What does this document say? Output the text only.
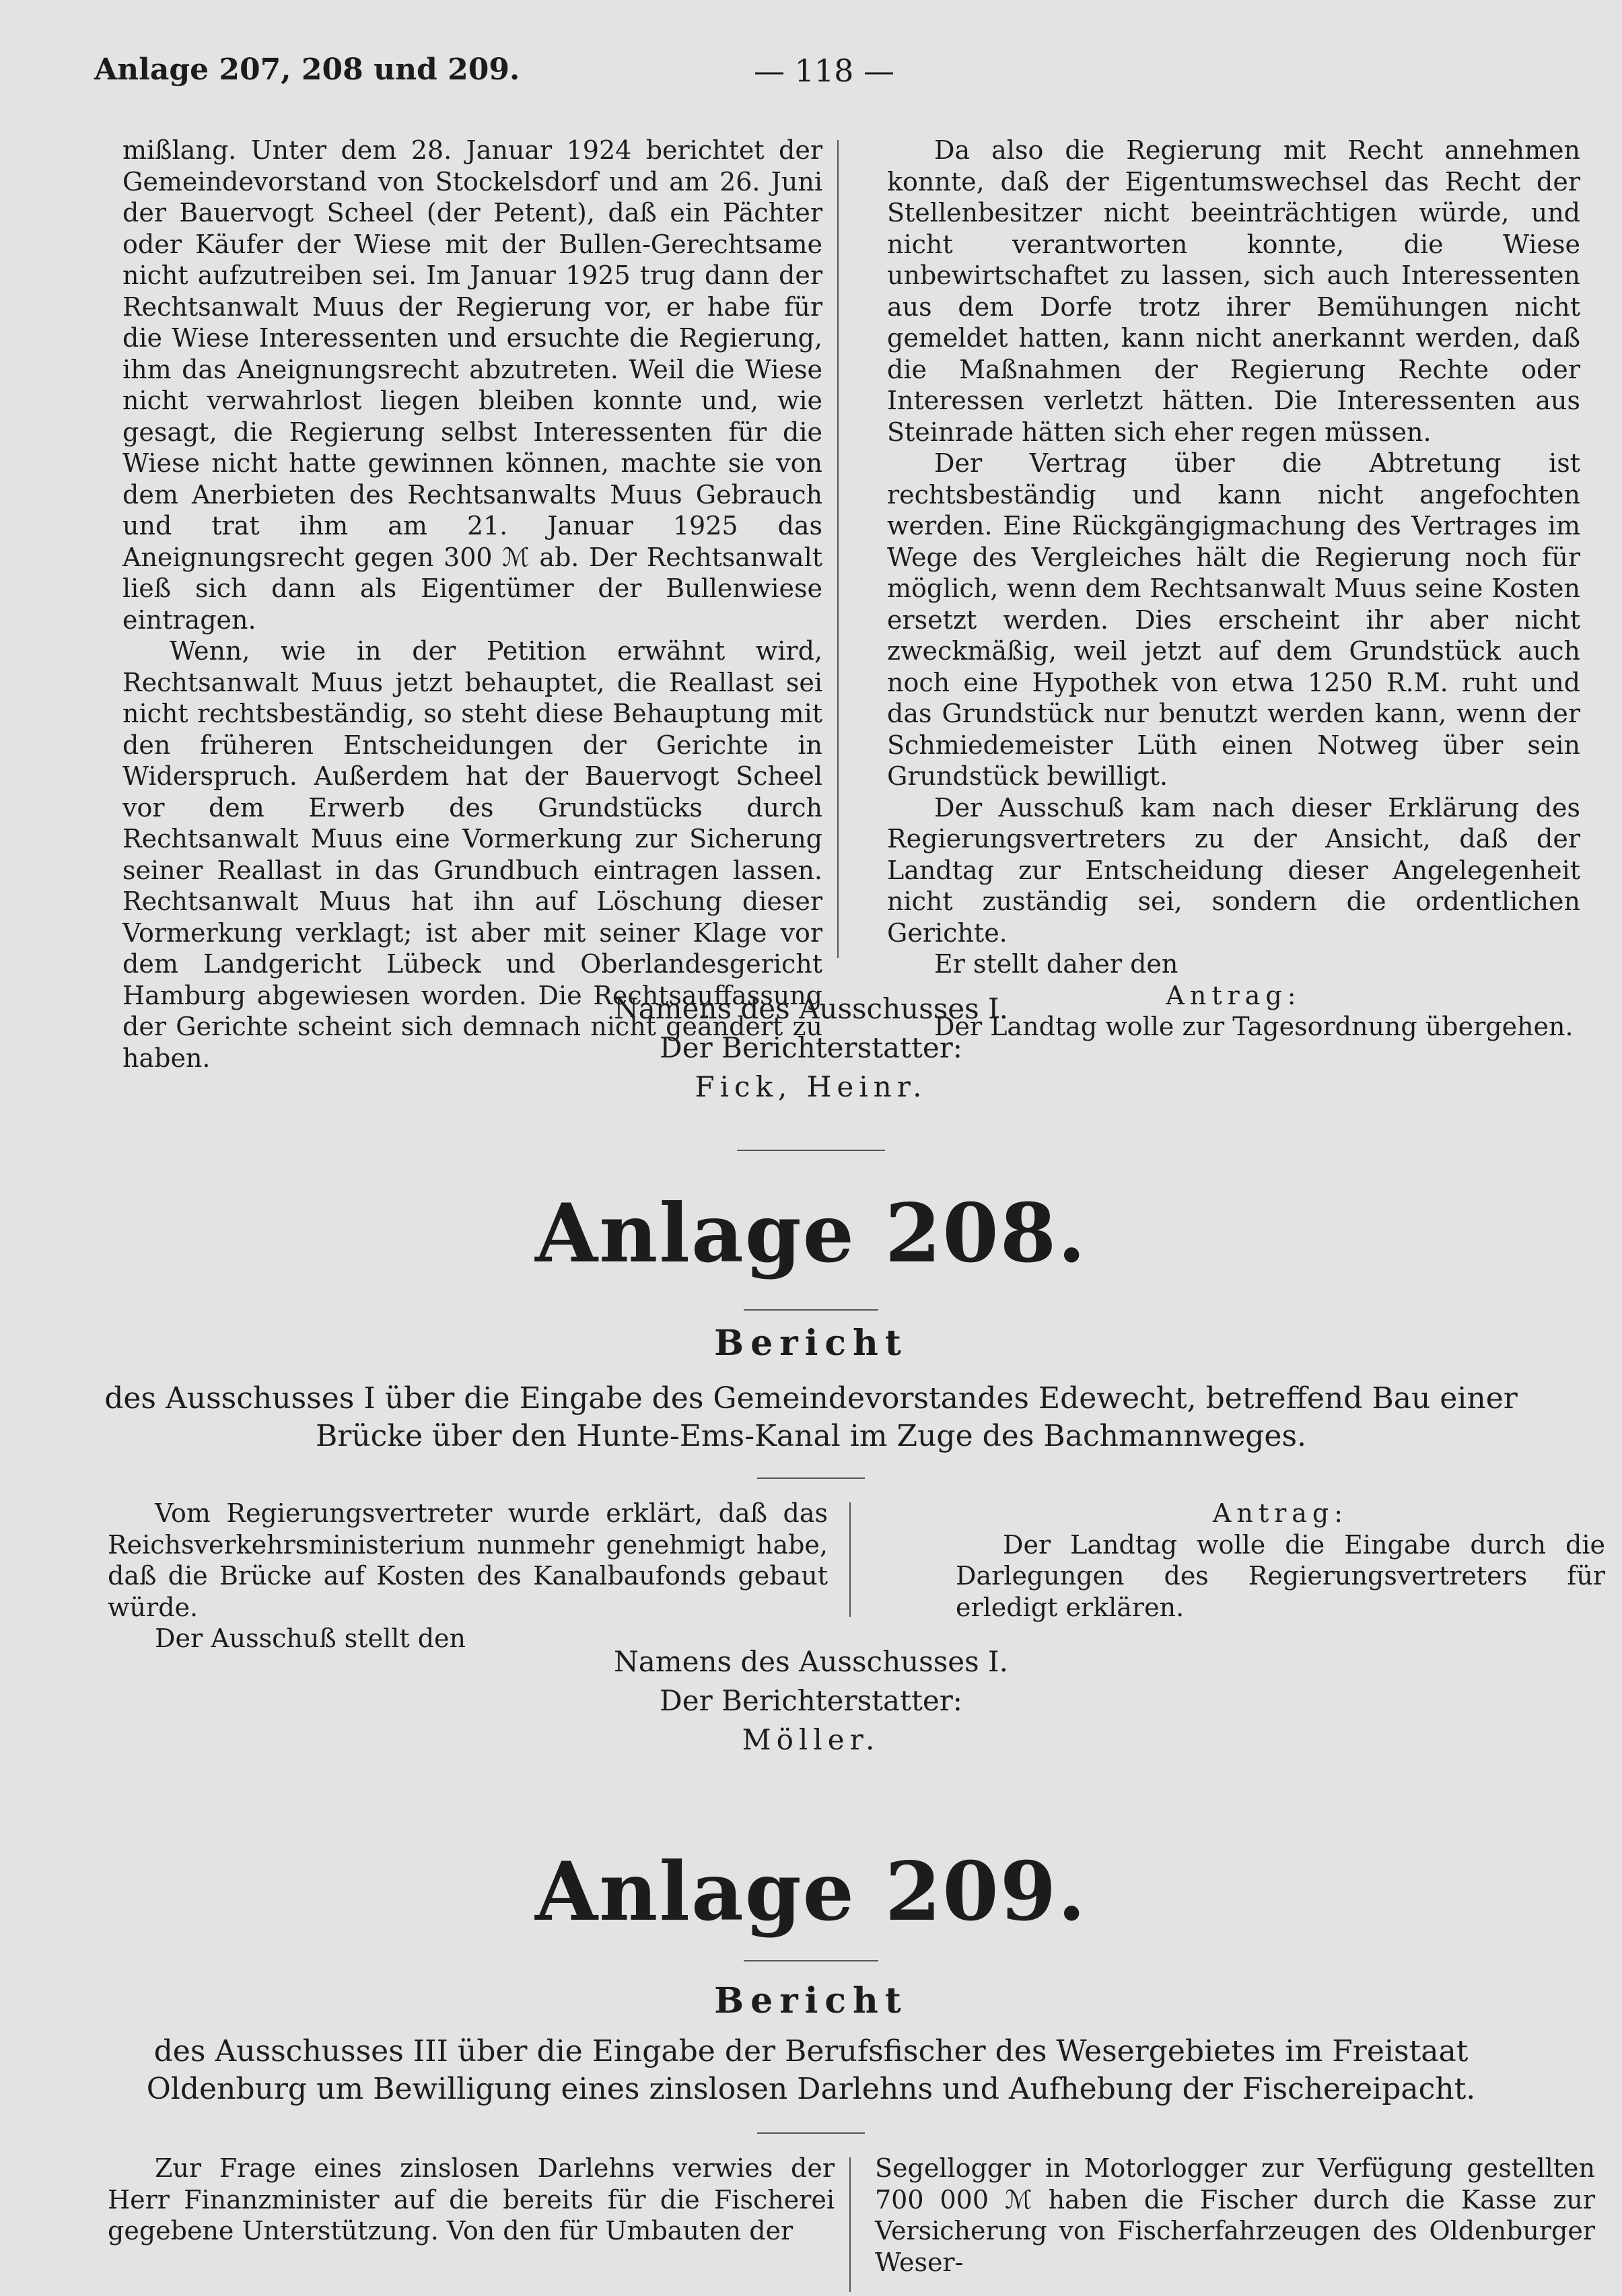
Anlage 207, 208 und 209.	— 118 —

mißlang. Unter dem 28. Januar 1924 berichtet der Gemeindevorstand von Stockelsdorf und am 26. Juni der Bauervogt Scheel (der Petent), daß ein Pächter oder Käufer der Wiese mit der Bullen-Gerechtsame nicht aufzutreiben sei. Im Januar 1925 trug dann der Rechtsanwalt Muus der Regierung vor, er habe für die Wiese Interessenten und ersuchte die Regierung, ihm das Aneignungsrecht abzutreten. Weil die Wiese nicht verwahrlost liegen bleiben konnte und, wie gesagt, die Regierung selbst Interessenten für die Wiese nicht hatte gewinnen können, machte sie von dem Anerbieten des Rechtsanwalts Muus Gebrauch und trat ihm am 21. Januar 1925 das Aneignungsrecht gegen 300 ℳ ab. Der Rechtsanwalt ließ sich dann als Eigentümer der Bullenwiese eintragen.

Wenn, wie in der Petition erwähnt wird, Rechtsanwalt Muus jetzt behauptet, die Reallast sei nicht rechtsbeständig, so steht diese Behauptung mit den früheren Entscheidungen der Gerichte in Widerspruch. Außerdem hat der Bauervogt Scheel vor dem Erwerb des Grundstücks durch Rechtsanwalt Muus eine Vormerkung zur Sicherung seiner Reallast in das Grundbuch eintragen lassen. Rechtsanwalt Muus hat ihn auf Löschung dieser Vormerkung verklagt; ist aber mit seiner Klage vor dem Landgericht Lübeck und Oberlandesgericht Hamburg abgewiesen worden. Die Rechtsauffassung der Gerichte scheint sich demnach nicht geändert zu haben.

Da also die Regierung mit Recht annehmen konnte, daß der Eigentumswechsel das Recht der Stellenbesitzer nicht beeinträchtigen würde, und nicht verantworten konnte, die Wiese unbewirtschaftet zu lassen, sich auch Interessenten aus dem Dorfe trotz ihrer Bemühungen nicht gemeldet hatten, kann nicht anerkannt werden, daß die Maßnahmen der Regierung Rechte oder Interessen verletzt hätten. Die Interessenten aus Steinrade hätten sich eher regen müssen.

Der Vertrag über die Abtretung ist rechtsbeständig und kann nicht angefochten werden. Eine Rückgängigmachung des Vertrages im Wege des Vergleiches hält die Regierung noch für möglich, wenn dem Rechtsanwalt Muus seine Kosten ersetzt werden. Dies erscheint ihr aber nicht zweckmäßig, weil jetzt auf dem Grundstück auch noch eine Hypothek von etwa 1250 R.M. ruht und das Grundstück nur benutzt werden kann, wenn der Schmiedemeister Lüth einen Notweg über sein Grundstück bewilligt.

Der Ausschuß kam nach dieser Erklärung des Regierungsvertreters zu der Ansicht, daß der Landtag zur Entscheidung dieser Angelegenheit nicht zuständig sei, sondern die ordentlichen Gerichte.

Er stellt daher den

Antrag:

Der Landtag wolle zur Tagesordnung übergehen.

Namens des Ausschusses I.
Der Berichterstatter:
Fick, Heinr.
Anlage 208.
Bericht
des Ausschusses I über die Eingabe des Gemeindevorstandes Edewecht, betreffend Bau einer Brücke über den Hunte-Ems-Kanal im Zuge des Bachmannweges.

Vom Regierungsvertreter wurde erklärt, daß das Reichsverkehrsministerium nunmehr genehmigt habe, daß die Brücke auf Kosten des Kanalbaufonds gebaut würde.

Der Ausschuß stellt den

Antrag:

Der Landtag wolle die Eingabe durch die Darlegungen des Regierungsvertreters für erledigt erklären.

Namens des Ausschusses I.
Der Berichterstatter:
Möller.
Anlage 209.
Bericht
des Ausschusses III über die Eingabe der Berufsfischer des Wesergebietes im Freistaat Oldenburg um Bewilligung eines zinslosen Darlehns und Aufhebung der Fischereipacht.

Zur Frage eines zinslosen Darlehns verwies der Herr Finanzminister auf die bereits für die Fischerei gegebene Unterstützung. Von den für Umbauten der

Segellogger in Motorlogger zur Verfügung gestellten 700 000 ℳ haben die Fischer durch die Kasse zur Versicherung von Fischerfahrzeugen des Oldenburger Weser-
